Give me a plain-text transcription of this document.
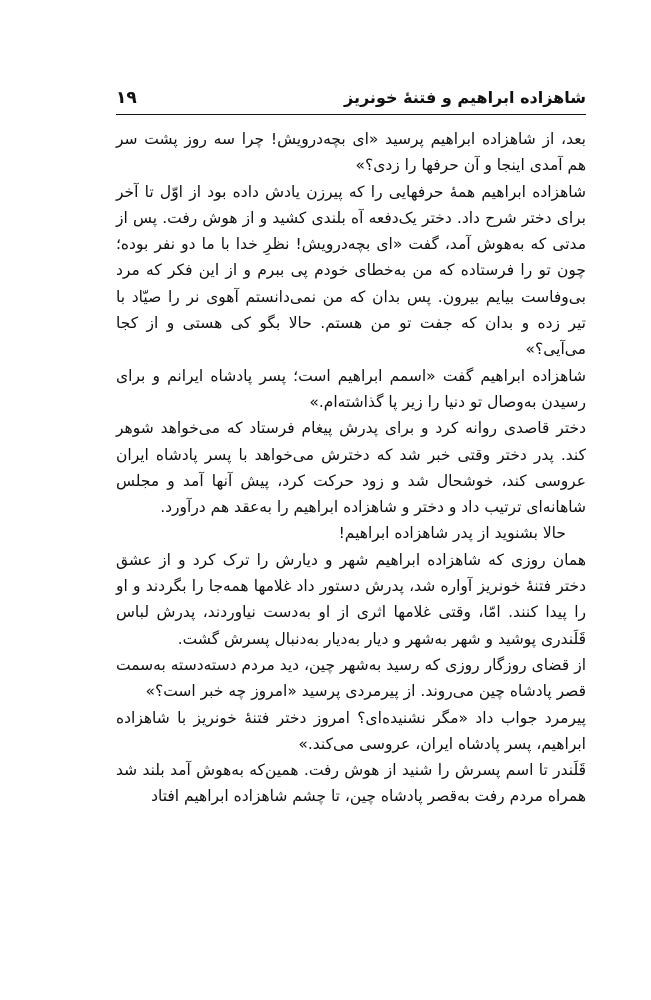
شاهزاده ابراهیم و فتنهٔ خونریز
۱۹

بعد، از شاهزاده ابراهیم پرسید «ای بچه‌درویش! چرا سه روز پشت سر هم آمدی اینجا و آن حرفها را زدی؟»

شاهزاده ابراهیم همهٔ حرفهایی را که پیرزن یادش داده بود از اوّل تا آخر برای دختر شرح داد. دختر یک‌دفعه آه بلندی کشید و از هوش رفت. پس از مدتی که به‌هوش آمد، گفت «ای بچه‌درویش! نظرِ خدا با ما دو نفر بوده؛ چون تو را فرستاده که من به‌خطای خودم پی ببرم و از این فکر که مرد بی‌وفاست بیایم بیرون. پس بدان که من نمی‌دانستم آهوی نر را صیّاد با تیر زده و بدان که جفت تو من هستم. حالا بگو کی هستی و از کجا می‌آیی؟»

شاهزاده ابراهیم گفت «اسمم ابراهیم است؛ پسر پادشاه ایرانم و برای رسیدن به‌وصال تو دنیا را زیر پا گذاشته‌ام.»

دختر قاصدی روانه کرد و برای پدرش پیغام فرستاد که می‌خواهد شوهر کند. پدر دختر وقتی خبر شد که دخترش می‌خواهد با پسر پادشاه ایران عروسی کند، خوشحال شد و زود حرکت کرد، پیش آنها آمد و مجلس شاهانه‌ای ترتیب داد و دختر و شاهزاده ابراهیم را به‌عقد هم درآورد.

حالا بشنوید از پدر شاهزاده ابراهیم!

همان روزی که شاهزاده ابراهیم شهر و دیارش را ترک کرد و از عشق دختر فتنهٔ خونریز آواره شد، پدرش دستور داد غلامها همه‌جا را بگردند و او را پیدا کنند. امّا، وقتی غلامها اثری از او به‌دست نیاوردند، پدرش لباس قَلَندری پوشید و شهر به‌شهر و دیار به‌دیار به‌دنبال پسرش گشت.

از قضای روزگار روزی که رسید به‌شهر چین، دید مردم دسته‌دسته به‌سمت قصر پادشاه چین می‌روند. از پیرمردی پرسید «امروز چه خبر است؟»

پیرمرد جواب داد «مگر نشنیده‌ای؟ امروز دختر فتنهٔ خونریز با شاهزاده ابراهیم، پسر پادشاه ایران، عروسی می‌کند.»

قَلَندر تا اسم پسرش را شنید از هوش رفت. همین‌که به‌هوش آمد بلند شد همراه مردم رفت به‌قصر پادشاه چین، تا چشم شاهزاده ابراهیم افتاد
